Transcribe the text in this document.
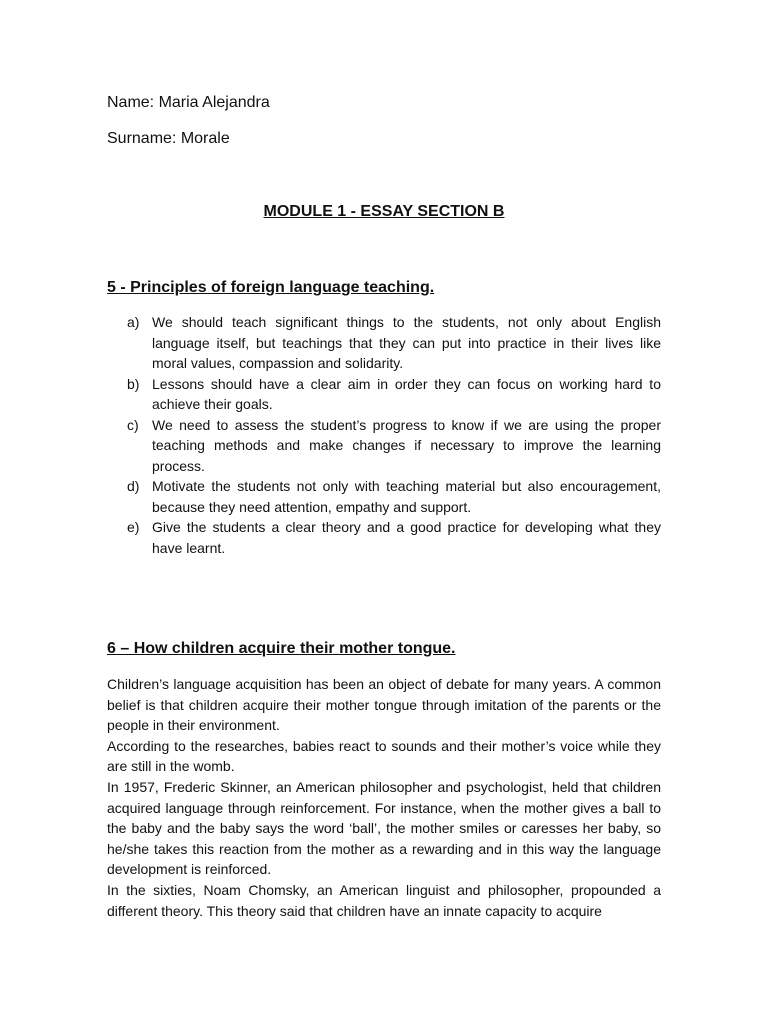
Name: Maria Alejandra
Surname: Morale
MODULE 1 - ESSAY SECTION B
5 - Principles of foreign language teaching.
a) We should teach significant things to the students, not only about English language itself, but teachings that they can put into practice in their lives like moral values, compassion and solidarity.
b) Lessons should have a clear aim in order they can focus on working hard to achieve their goals.
c) We need to assess the student’s progress to know if we are using the proper teaching methods and make changes if necessary to improve the learning process.
d) Motivate the students not only with teaching material but also encouragement, because they need attention, empathy and support.
e) Give the students a clear theory and a good practice for developing what they have learnt.
6 – How children acquire their mother tongue.

Children’s language acquisition has been an object of debate for many years. A common belief is that children acquire their mother tongue through imitation of the parents or the people in their environment.

According to the researches, babies react to sounds and their mother’s voice while they are still in the womb.

In 1957, Frederic Skinner, an American philosopher and psychologist, held that children acquired language through reinforcement. For instance, when the mother gives a ball to the baby and the baby says the word ‘ball’, the mother smiles or caresses her baby, so he/she takes this reaction from the mother as a rewarding and in this way the language development is reinforced.

In the sixties, Noam Chomsky, an American linguist and philosopher, propounded a different theory. This theory said that children have an innate capacity to acquire
